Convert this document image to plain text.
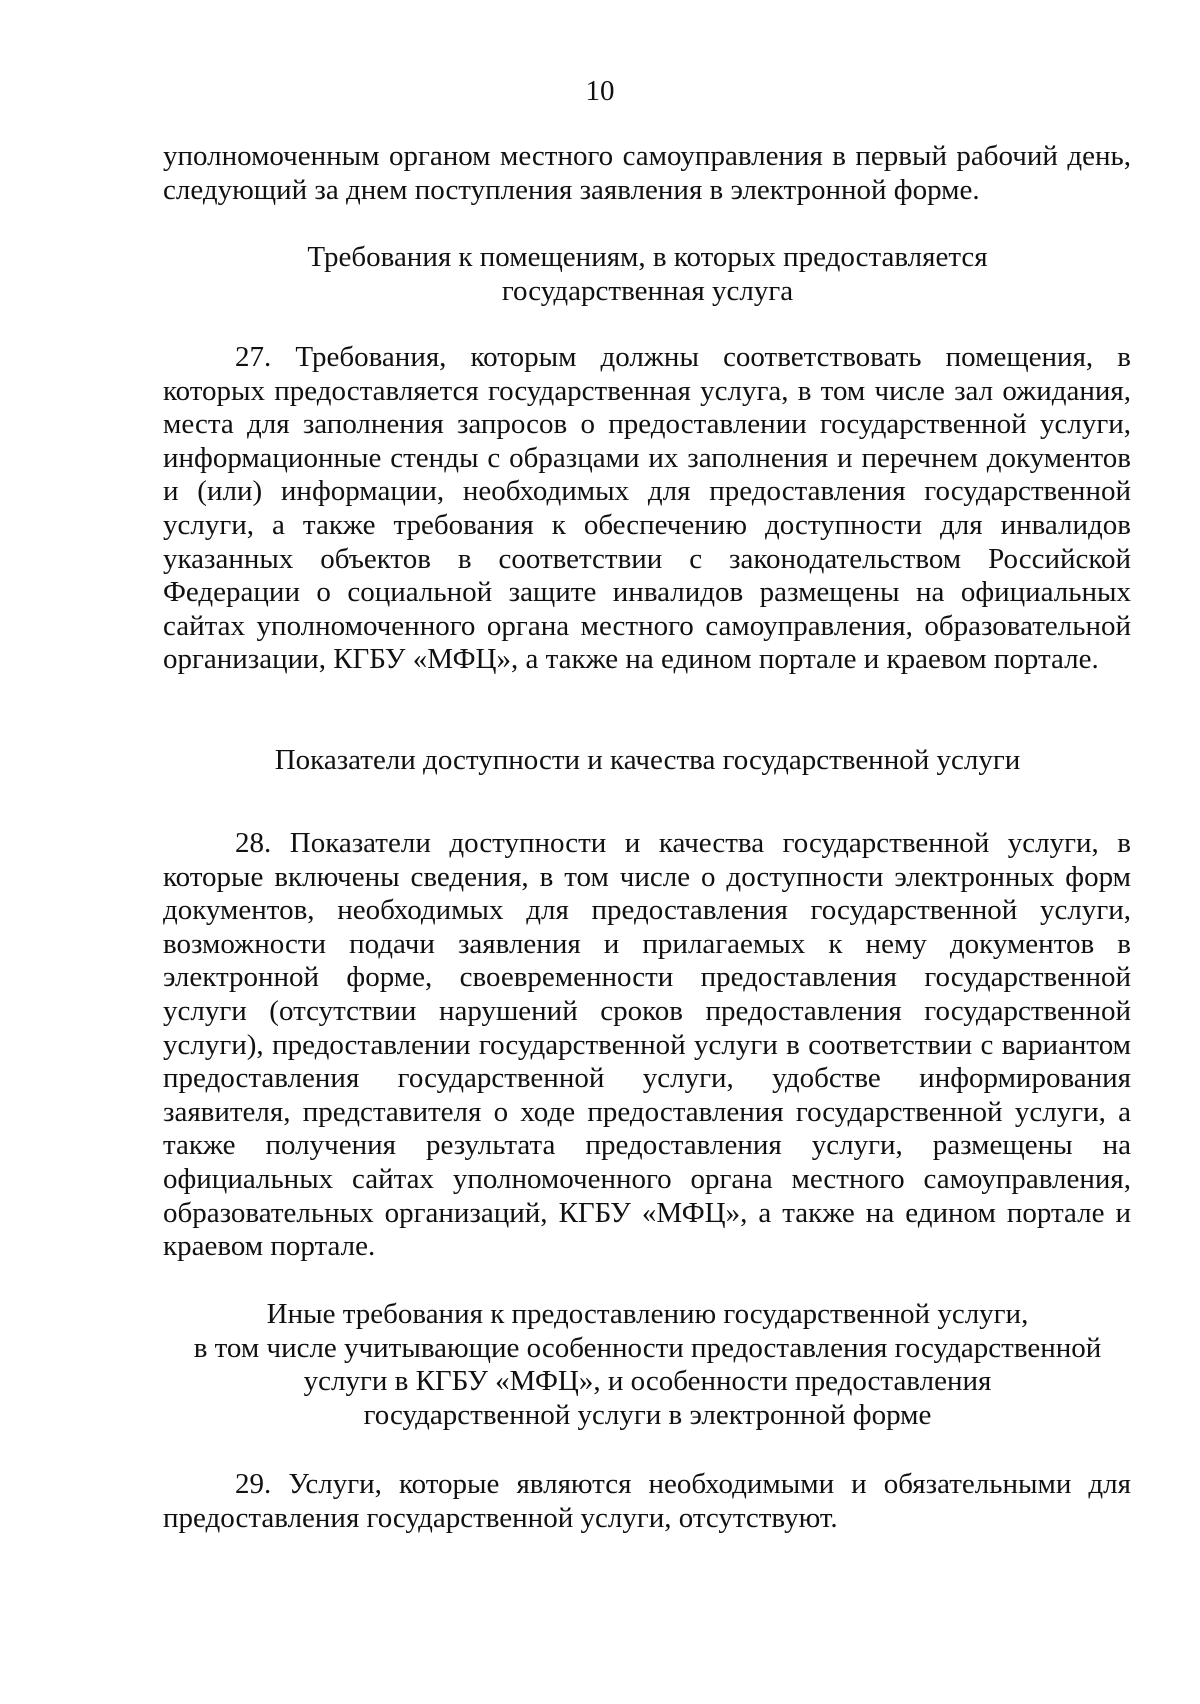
10

уполномоченным органом местного самоуправления в первый рабочий день, следующий за днем поступления заявления в электронной форме.

Требования к помещениям, в которых предоставляется
государственная услуга

27. Требования, которым должны соответствовать помещения, в которых предоставляется государственная услуга, в том числе зал ожидания, места для заполнения запросов о предоставлении государственной услуги, информационные стенды с образцами их заполнения и перечнем документов и (или) информации, необходимых для предоставления государственной услуги, а также требования к обеспечению доступности для инвалидов указанных объектов в соответствии с законодательством Российской Федерации о социальной защите инвалидов размещены на официальных сайтах уполномоченного органа местного самоуправления, образовательной организации, КГБУ «МФЦ», а также на едином портале и краевом портале.

Показатели доступности и качества государственной услуги

28. Показатели доступности и качества государственной услуги, в которые включены сведения, в том числе о доступности электронных форм документов, необходимых для предоставления государственной услуги, возможности подачи заявления и прилагаемых к нему документов в электронной форме, своевременности предоставления государственной услуги (отсутствии нарушений сроков предоставления государственной услуги), предоставлении государственной услуги в соответствии с вариантом предоставления государственной услуги, удобстве информирования заявителя, представителя о ходе предоставления государственной услуги, а также получения результата предоставления услуги, размещены на официальных сайтах уполномоченного органа местного самоуправления, образовательных организаций, КГБУ «МФЦ», а также на едином портале и краевом портале.

Иные требования к предоставлению государственной услуги,
в том числе учитывающие особенности предоставления государственной
услуги в КГБУ «МФЦ», и особенности предоставления
государственной услуги в электронной форме

29. Услуги, которые являются необходимыми и обязательными для предоставления государственной услуги, отсутствуют.
